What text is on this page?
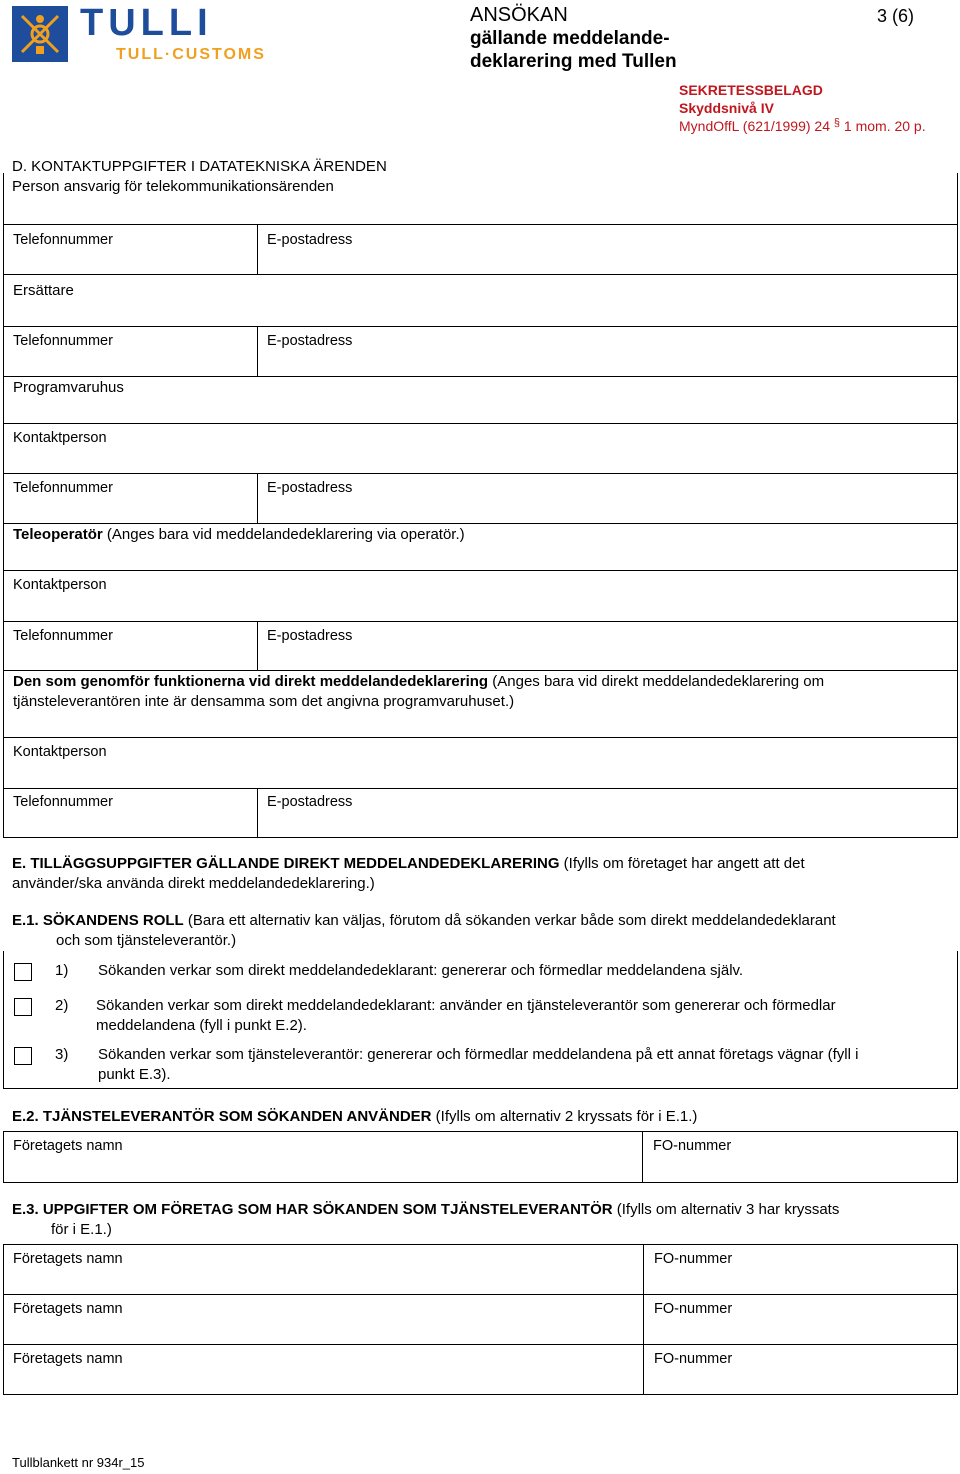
TULLI
TULL·CUSTOMS
ANSÖKAN
gällande meddelande-
deklarering med Tullen
3 (6)
SEKRETESSBELAGD
Skyddsnivå IV
MyndOffL (621/1999) 24 § 1 mom. 20 p.
D. KONTAKTUPPGIFTER I DATATEKNISKA ÄRENDEN
Person ansvarig för telekommunikationsärenden
Telefonnummer	E-postadress
Ersättare
Telefonnummer	E-postadress
Programvaruhus
Kontaktperson
Telefonnummer	E-postadress
Teleoperatör (Anges bara vid meddelandedeklarering via operatör.)
Kontaktperson
Telefonnummer	E-postadress
Den som genomför funktionerna vid direkt meddelandedeklarering (Anges bara vid direkt meddelandedeklarering om
tjänsteleverantören inte är densamma som det angivna programvaruhuset.)
Kontaktperson
Telefonnummer	E-postadress
E. TILLÄGGSUPPGIFTER GÄLLANDE DIREKT MEDDELANDEDEKLARERING (Ifylls om företaget har angett att det
använder/ska använda direkt meddelandedeklarering.)
E.1. SÖKANDENS ROLL (Bara ett alternativ kan väljas, förutom då sökanden verkar både som direkt meddelandedeklarant
och som tjänsteleverantör.)
1) Sökanden verkar som direkt meddelandedeklarant: genererar och förmedlar meddelandena själv.
2) Sökanden verkar som direkt meddelandedeklarant: använder en tjänsteleverantör som genererar och förmedlar
meddelandena (fyll i punkt E.2).
3) Sökanden verkar som tjänsteleverantör: genererar och förmedlar meddelandena på ett annat företags vägnar (fyll i
punkt E.3).
E.2. TJÄNSTELEVERANTÖR SOM SÖKANDEN ANVÄNDER (Ifylls om alternativ 2 kryssats för i E.1.)
Företagets namn	FO-nummer
E.3. UPPGIFTER OM FÖRETAG SOM HAR SÖKANDEN SOM TJÄNSTELEVERANTÖR (Ifylls om alternativ 3 har kryssats
för i E.1.)
Företagets namn	FO-nummer
Företagets namn	FO-nummer
Företagets namn	FO-nummer
Tullblankett nr 934r_15
